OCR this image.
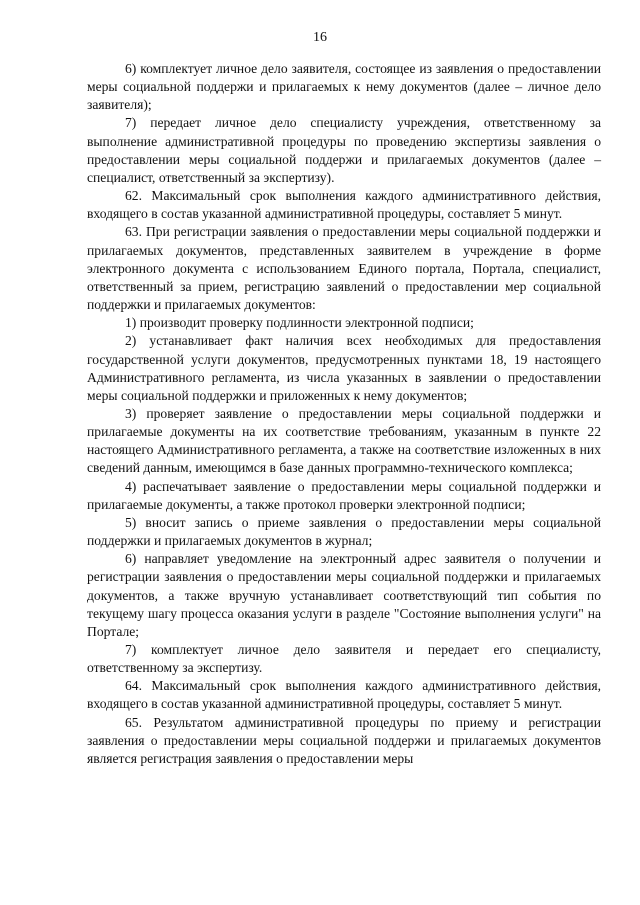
16

6) комплектует личное дело заявителя, состоящее из заявления о предоставлении меры социальной поддержи и прилагаемых к нему документов (далее – личное дело заявителя);

7) передает личное дело специалисту учреждения, ответственному за выполнение административной процедуры по проведению экспертизы заявления о предоставлении меры социальной поддержи и прилагаемых документов (далее – специалист, ответственный за экспертизу).

62. Максимальный срок выполнения каждого административного действия, входящего в состав указанной административной процедуры, составляет 5 минут.

63. При регистрации заявления о предоставлении меры социальной поддержки и прилагаемых документов, представленных заявителем в учреждение в форме электронного документа с использованием Единого портала, Портала, специалист, ответственный за прием, регистрацию заявлений о предоставлении мер социальной поддержки и прилагаемых документов:

1) производит проверку подлинности электронной подписи;

2) устанавливает факт наличия всех необходимых для предоставления государственной услуги документов, предусмотренных пунктами 18, 19 настоящего Административного регламента, из числа указанных в заявлении о предоставлении меры социальной поддержки и приложенных к нему документов;

3) проверяет заявление о предоставлении меры социальной поддержки и прилагаемые документы на их соответствие требованиям, указанным в пункте 22 настоящего Административного регламента, а также на соответствие изложенных в них сведений данным, имеющимся в базе данных программно-технического комплекса;

4) распечатывает заявление о предоставлении меры социальной поддержки и прилагаемые документы, а также протокол проверки электронной подписи;

5) вносит запись о приеме заявления о предоставлении меры социальной поддержки и прилагаемых документов в журнал;

6) направляет уведомление на электронный адрес заявителя о получении и регистрации заявления о предоставлении меры социальной поддержки и прилагаемых документов, а также вручную устанавливает соответствующий тип события по текущему шагу процесса оказания услуги в разделе "Состояние выполнения услуги" на Портале;

7) комплектует личное дело заявителя и передает его специалисту, ответственному за экспертизу.

64. Максимальный срок выполнения каждого административного действия, входящего в состав указанной административной процедуры, составляет 5 минут.

65. Результатом административной процедуры по приему и регистрации заявления о предоставлении меры социальной поддержи и прилагаемых документов является регистрация заявления о предоставлении меры
